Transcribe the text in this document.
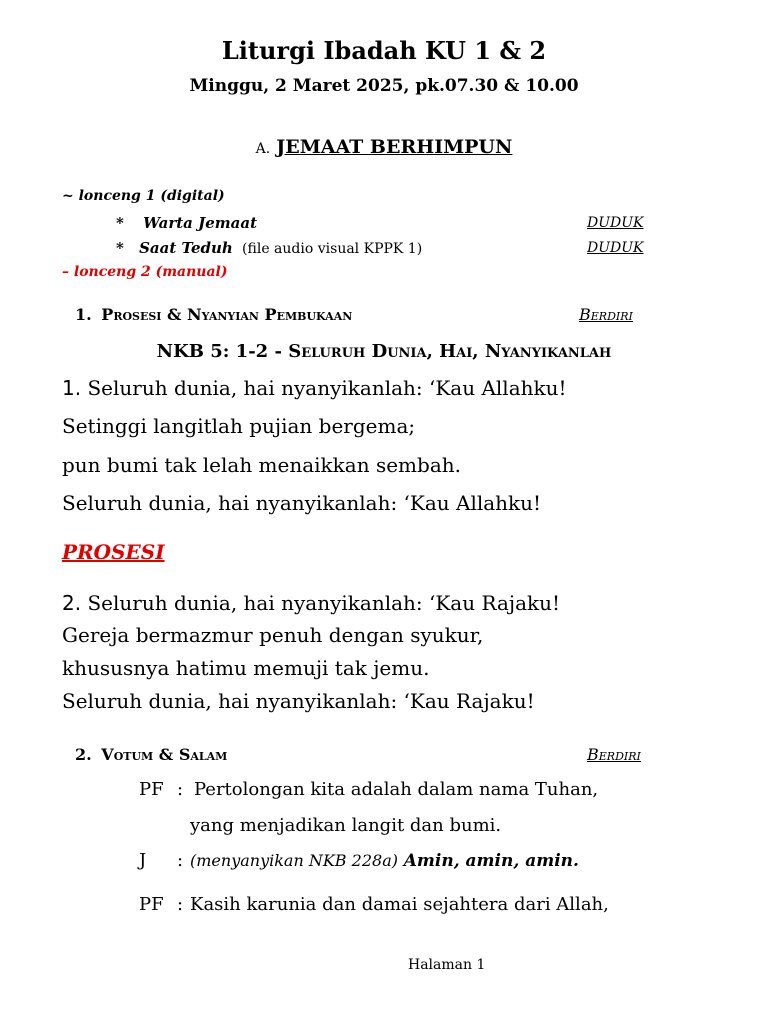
Liturgi Ibadah KU 1 & 2
Minggu, 2 Maret 2025, pk.07.30 & 10.00
A. JEMAAT BERHIMPUN
~ lonceng 1 (digital)
* Warta Jemaat	DUDUK
* Saat Teduh (file audio visual KPPK 1)	DUDUK
– lonceng 2 (manual)
1. Prosesi & Nyanyian Pembukaan	Berdiri
NKB 5: 1-2 - Seluruh Dunia, Hai, Nyanyikanlah
1. Seluruh dunia, hai nyanyikanlah: ‘Kau Allahku!
Setinggi langitlah pujian bergema;
pun bumi tak lelah menaikkan sembah.
Seluruh dunia, hai nyanyikanlah: ‘Kau Allahku!
PROSESI
2. Seluruh dunia, hai nyanyikanlah: ‘Kau Rajaku!
Gereja bermazmur penuh dengan syukur,
khususnya hatimu memuji tak jemu.
Seluruh dunia, hai nyanyikanlah: ‘Kau Rajaku!
2. Votum & Salam	Berdiri
PF : Pertolongan kita adalah dalam nama Tuhan,
yang menjadikan langit dan bumi.
J : (menyanyikan NKB 228a) Amin, amin, amin.
PF : Kasih karunia dan damai sejahtera dari Allah,
Halaman 1
